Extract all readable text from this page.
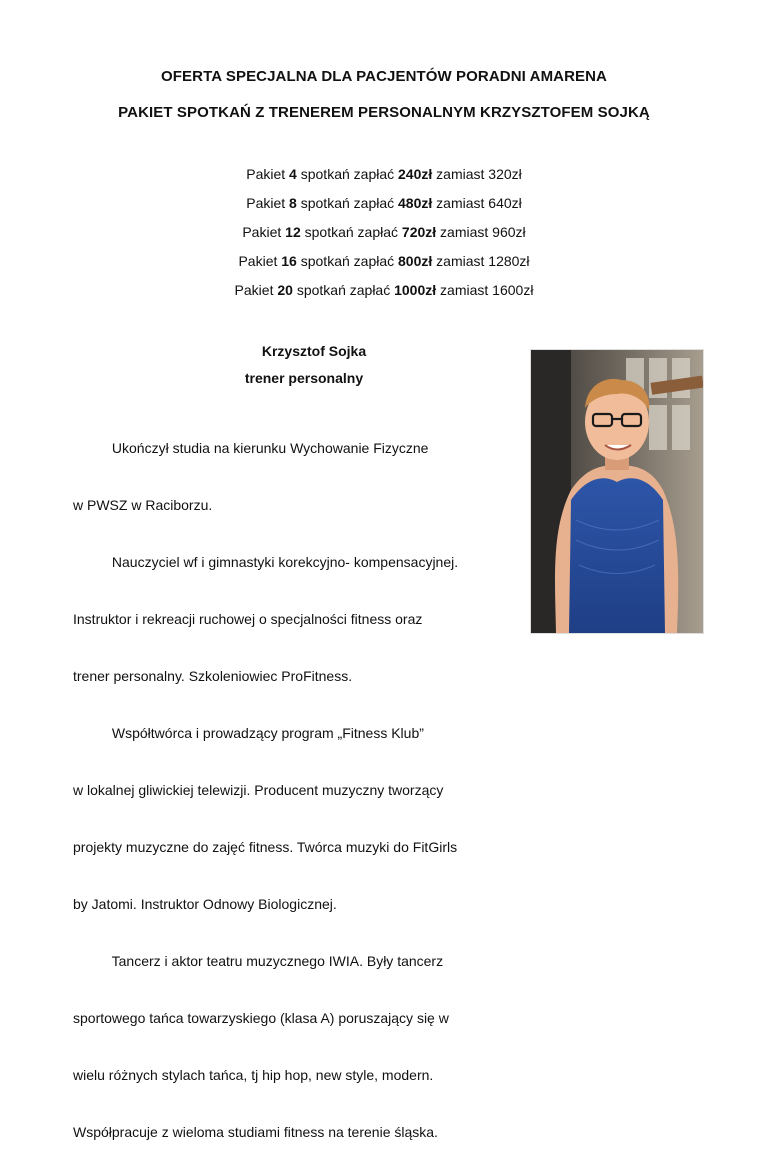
OFERTA SPECJALNA DLA PACJENTÓW PORADNI AMARENA
PAKIET SPOTKAŃ Z TRENEREM PERSONALNYM KRZYSZTOFEM SOJKĄ
Pakiet 4 spotkań zapłać 240zł zamiast 320zł
Pakiet 8 spotkań zapłać 480zł zamiast 640zł
Pakiet 12 spotkań zapłać 720zł zamiast 960zł
Pakiet 16 spotkań zapłać 800zł zamiast 1280zł
Pakiet 20 spotkań zapłać 1000zł zamiast 1600zł
Krzysztof Sojka
trener personalny

Ukończył studia na kierunku Wychowanie Fizyczne

w PWSZ w Raciborzu.

Nauczyciel wf i gimnastyki korekcyjno- kompensacyjnej.

Instruktor i rekreacji ruchowej o specjalności fitness oraz

trener personalny. Szkoleniowiec ProFitness.

Współtwórca i prowadzący program „Fitness Klub”

w lokalnej gliwickiej telewizji. Producent muzyczny tworzący

projekty muzyczne do zajęć fitness. Twórca muzyki do FitGirls

by Jatomi. Instruktor Odnowy Biologicznej.

Tancerz i aktor teatru muzycznego IWIA. Były tancerz

sportowego tańca towarzyskiego (klasa A) poruszający się w

wielu różnych stylach tańca, tj hip hop, new style, modern.

Współpracuje z wieloma studiami fitness na terenie śląska.
